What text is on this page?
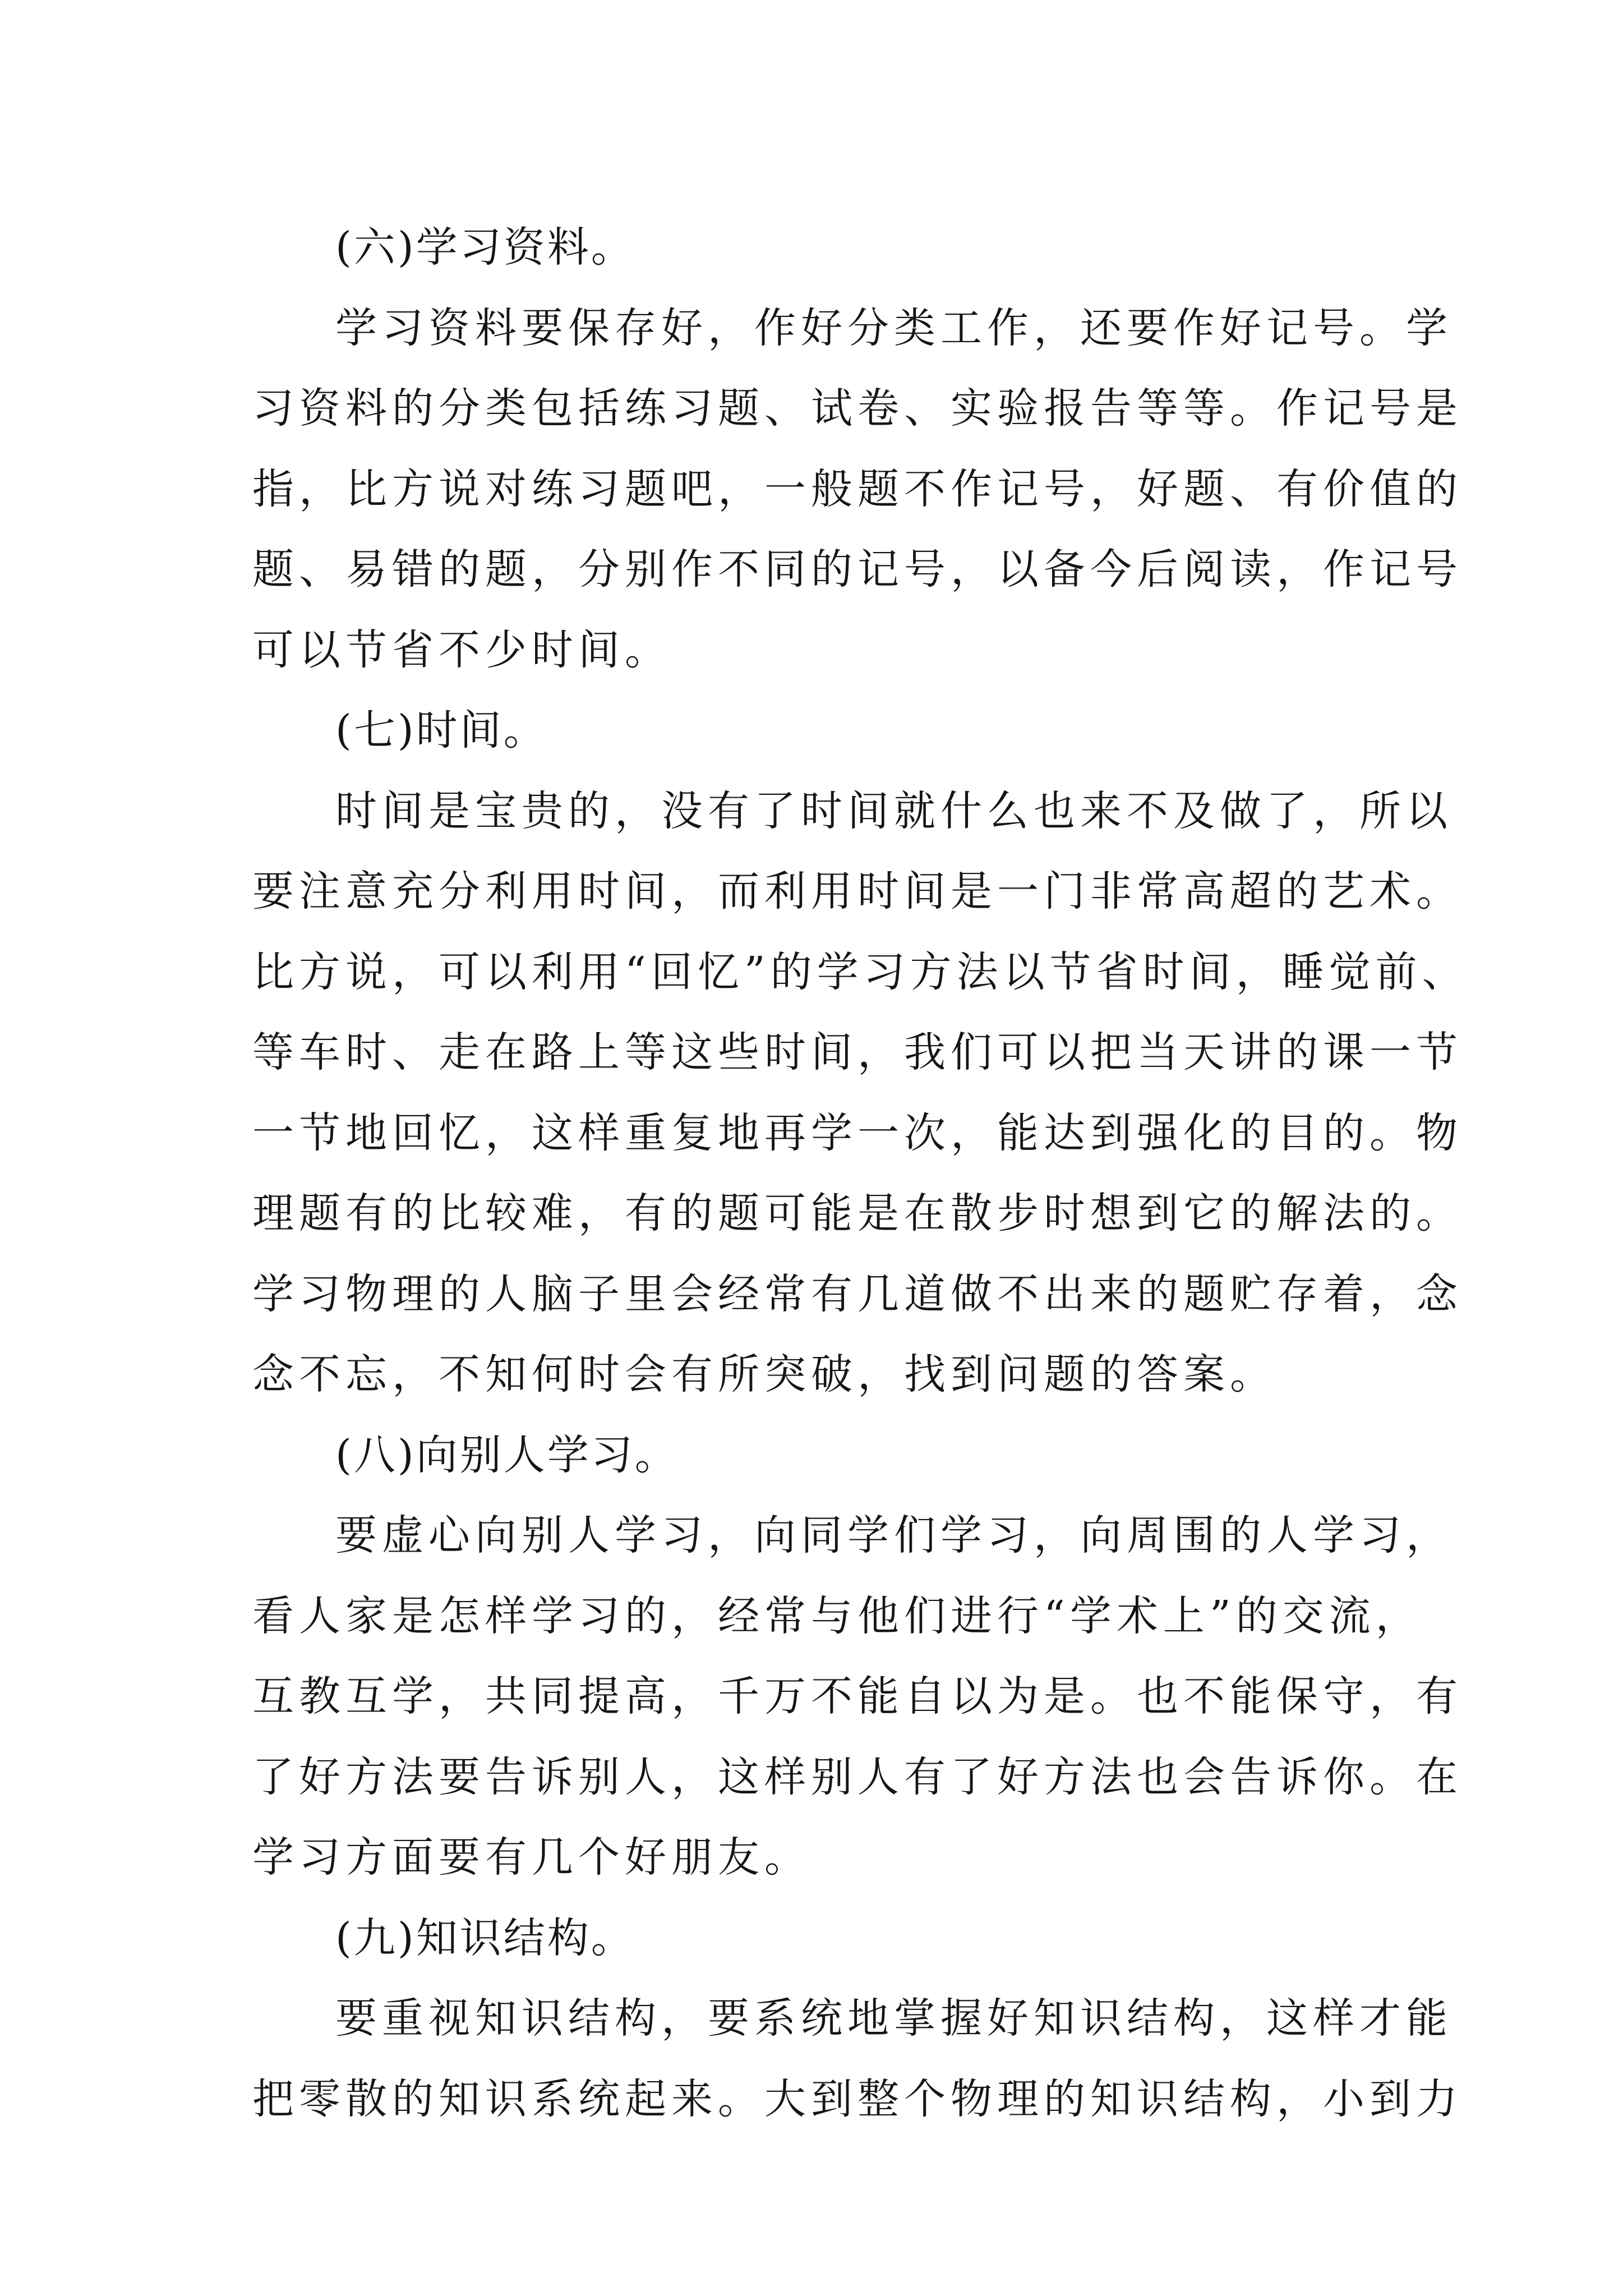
(六)学习资料。
学习资料要保存好，作好分类工作，还要作好记号。学
习资料的分类包括练习题、试卷、实验报告等等。作记号是
指，比方说对练习题吧，一般题不作记号，好题、有价值的
题、易错的题，分别作不同的记号，以备今后阅读，作记号
可以节省不少时间。
(七)时间。
时间是宝贵的，没有了时间就什么也来不及做了，所以
要注意充分利用时间，而利用时间是一门非常高超的艺术。
比方说，可以利用“回忆”的学习方法以节省时间，睡觉前、
等车时、走在路上等这些时间，我们可以把当天讲的课一节
一节地回忆，这样重复地再学一次，能达到强化的目的。物
理题有的比较难，有的题可能是在散步时想到它的解法的。
学习物理的人脑子里会经常有几道做不出来的题贮存着，念
念不忘，不知何时会有所突破，找到问题的答案。
(八)向别人学习。
要虚心向别人学习，向同学们学习，向周围的人学习，
看人家是怎样学习的，经常与他们进行“学术上”的交流，
互教互学，共同提高，千万不能自以为是。也不能保守，有
了好方法要告诉别人，这样别人有了好方法也会告诉你。在
学习方面要有几个好朋友。
(九)知识结构。
要重视知识结构，要系统地掌握好知识结构，这样才能
把零散的知识系统起来。大到整个物理的知识结构，小到力
